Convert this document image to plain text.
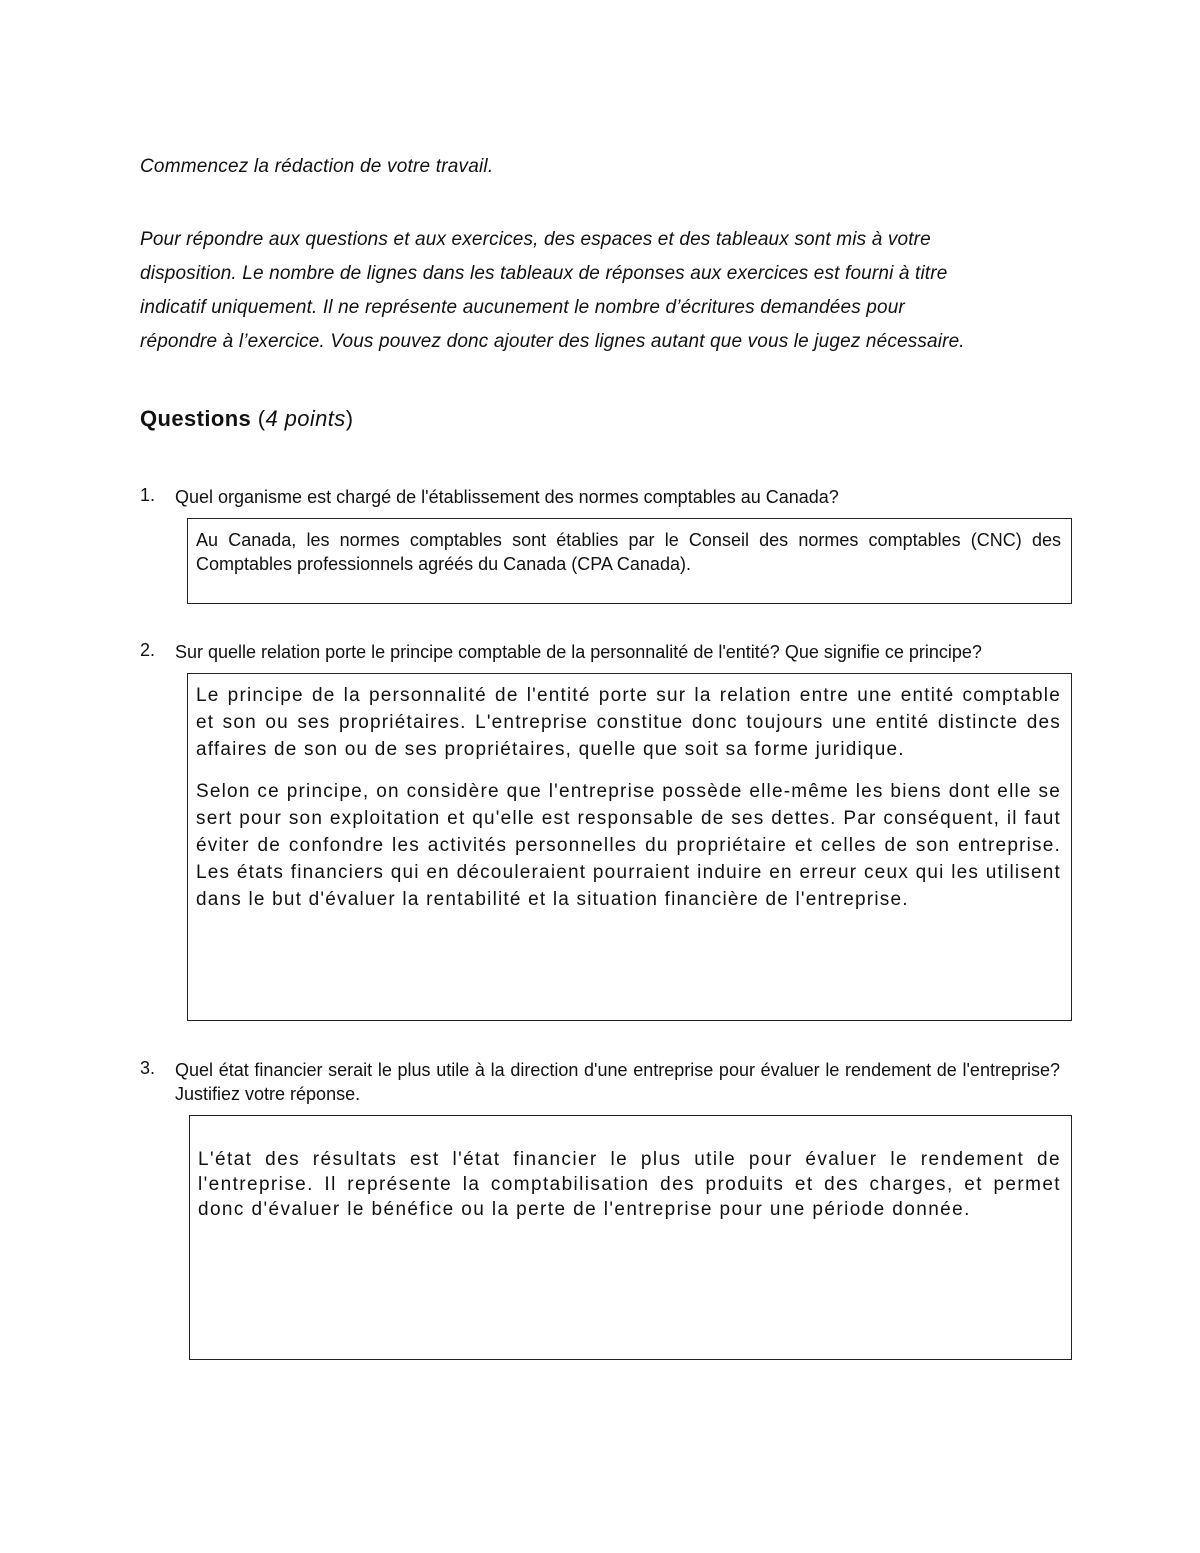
Commencez la rédaction de votre travail.
Pour répondre aux questions et aux exercices, des espaces et des tableaux sont mis à votre
disposition. Le nombre de lignes dans les tableaux de réponses aux exercices est fourni à titre
indicatif uniquement. Il ne représente aucunement le nombre d’écritures demandées pour
répondre à l’exercice. Vous pouvez donc ajouter des lignes autant que vous le jugez nécessaire.
Questions (4 points)
1. Quel organisme est chargé de l'établissement des normes comptables au Canada?
Au Canada, les normes comptables sont établies par le Conseil des normes comptables (CNC) des Comptables professionnels agréés du Canada (CPA Canada).
2. Sur quelle relation porte le principe comptable de la personnalité de l'entité? Que signifie ce principe?

Le principe de la personnalité de l'entité porte sur la relation entre une entité comptable et son ou ses propriétaires. L'entreprise constitue donc toujours une entité distincte des affaires de son ou de ses propriétaires, quelle que soit sa forme juridique.

Selon ce principe, on considère que l'entreprise possède elle-même les biens dont elle se sert pour son exploitation et qu'elle est responsable de ses dettes. Par conséquent, il faut éviter de confondre les activités personnelles du propriétaire et celles de son entreprise. Les états financiers qui en découleraient pourraient induire en erreur ceux qui les utilisent dans le but d'évaluer la rentabilité et la situation financière de l'entreprise.

3. Quel état financier serait le plus utile à la direction d'une entreprise pour évaluer le rendement de l'entreprise? Justifiez votre réponse.
L'état des résultats est l'état financier le plus utile pour évaluer le rendement de l'entreprise. Il représente la comptabilisation des produits et des charges, et permet donc d'évaluer le bénéfice ou la perte de l'entreprise pour une période donnée.
